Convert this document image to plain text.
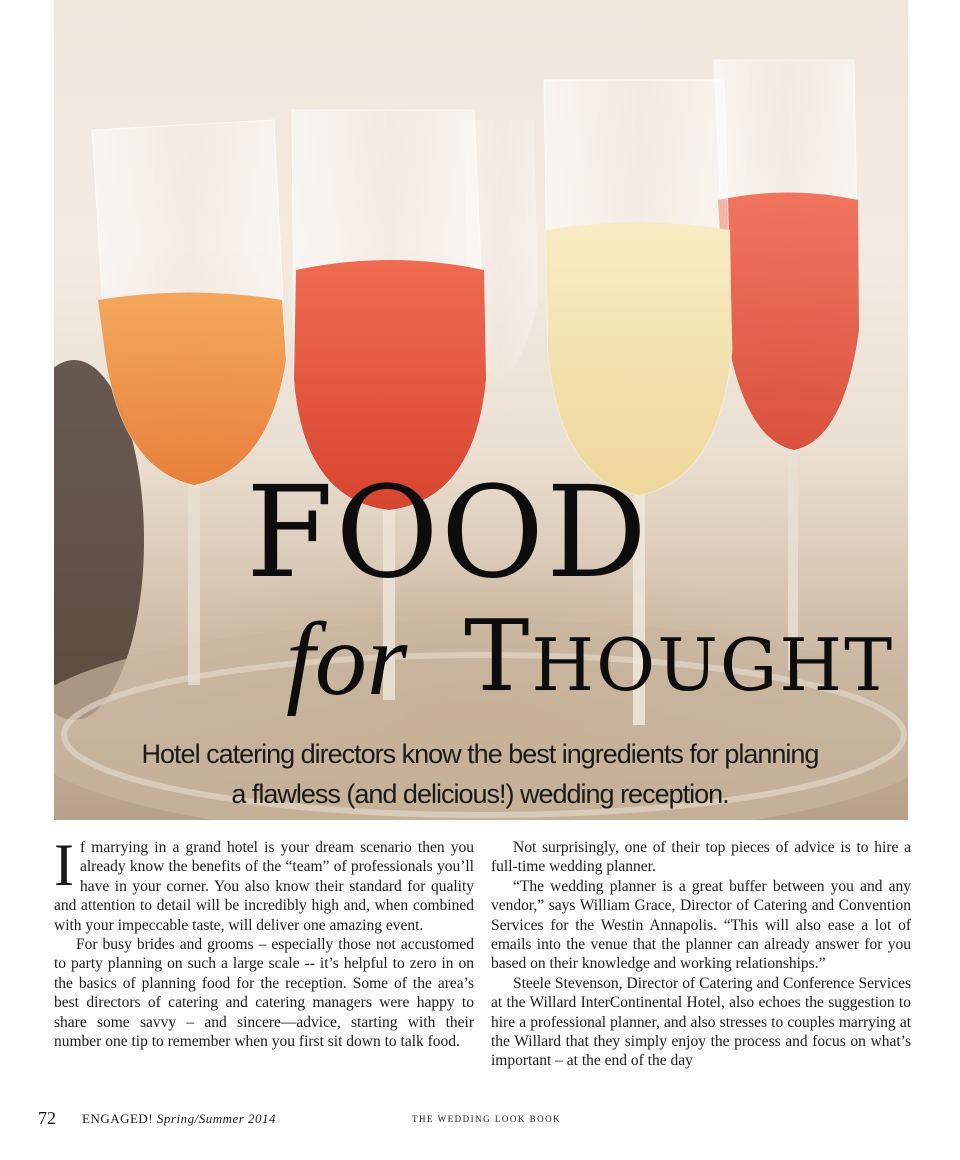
FOOD
for THOUGHT
Hotel catering directors know the best ingredients for planning
a flawless (and delicious!) wedding reception.

If marrying in a grand hotel is your dream scenario then you already know the benefits of the “team” of professionals you’ll have in your corner. You also know their standard for quality and attention to detail will be incredibly high and, when combined with your impeccable taste, will deliver one amazing event.

For busy brides and grooms – especially those not accustomed to party planning on such a large scale -- it’s helpful to zero in on the basics of planning food for the reception. Some of the area’s best directors of catering and catering managers were happy to share some savvy – and sincere—advice, starting with their number one tip to remember when you first sit down to talk food.

Not surprisingly, one of their top pieces of advice is to hire a full-time wedding planner.

“The wedding planner is a great buffer between you and any vendor,” says William Grace, Director of Catering and Convention Services for the Westin Annapolis. “This will also ease a lot of emails into the venue that the planner can already answer for you based on their knowledge and working relationships.”

Steele Stevenson, Director of Catering and Conference Services at the Willard InterContinental Hotel, also echoes the suggestion to hire a professional planner, and also stresses to couples marrying at the Willard that they simply enjoy the process and focus on what’s important – at the end of the day

72 ENGAGED! Spring/Summer 2014	THE WEDDING LOOK BOOK
